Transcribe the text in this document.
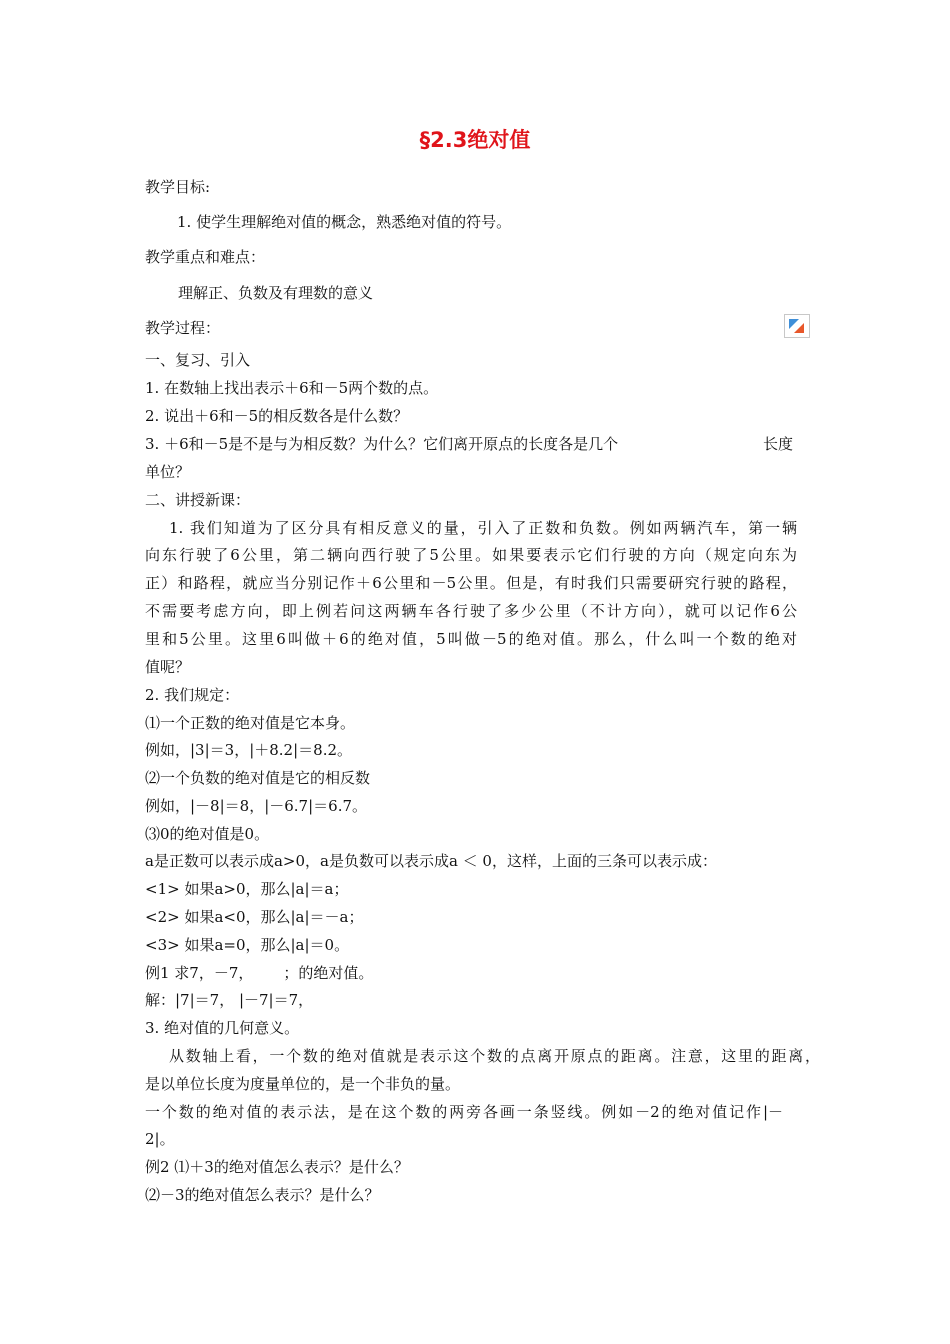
§2.3绝对值
教学目标:
1. 使学生理解绝对值的概念，熟悉绝对值的符号。
教学重点和难点：
理解正、负数及有理数的意义
教学过程：
一、复习、引入
1. 在数轴上找出表示＋6和－5两个数的点。
2. 说出＋6和－5的相反数各是什么数？
3. ＋6和－5是不是与为相反数？为什么？它们离开原点的长度各是几个	长度
单位？
二、讲授新课：
1. 我们知道为了区分具有相反意义的量，引入了正数和负数。例如两辆汽车，第一辆
向东行驶了6公里，第二辆向西行驶了5公里。如果要表示它们行驶的方向（规定向东为
正）和路程，就应当分别记作＋6公里和－5公里。但是，有时我们只需要研究行驶的路程，
不需要考虑方向，即上例若问这两辆车各行驶了多少公里（不计方向），就可以记作6公
里和5公里。这里6叫做＋6的绝对值，5叫做－5的绝对值。那么，什么叫一个数的绝对
值呢？
2. 我们规定：
⑴一个正数的绝对值是它本身。
例如，|3|＝3，|＋8.2|＝8.2。
⑵一个负数的绝对值是它的相反数
例如，|－8|＝8，|－6.7|＝6.7。
⑶0的绝对值是0。
a是正数可以表示成a>0，a是负数可以表示成a ＜ 0，这样，上面的三条可以表示成：
<1> 如果a>0，那么|a|＝a；
<2> 如果a<0，那么|a|＝－a；
<3> 如果a=0，那么|a|＝0。
例1 求7，－7， ；的绝对值。
解：|7|＝7， |－7|＝7，
3. 绝对值的几何意义。
从数轴上看，一个数的绝对值就是表示这个数的点离开原点的距离。注意，这里的距离，
是以单位长度为度量单位的，是一个非负的量。
一个数的绝对值的表示法，是在这个数的两旁各画一条竖线。例如－2的绝对值记作|－
2|。
例2 ⑴＋3的绝对值怎么表示？是什么？
⑵－3的绝对值怎么表示？是什么？
